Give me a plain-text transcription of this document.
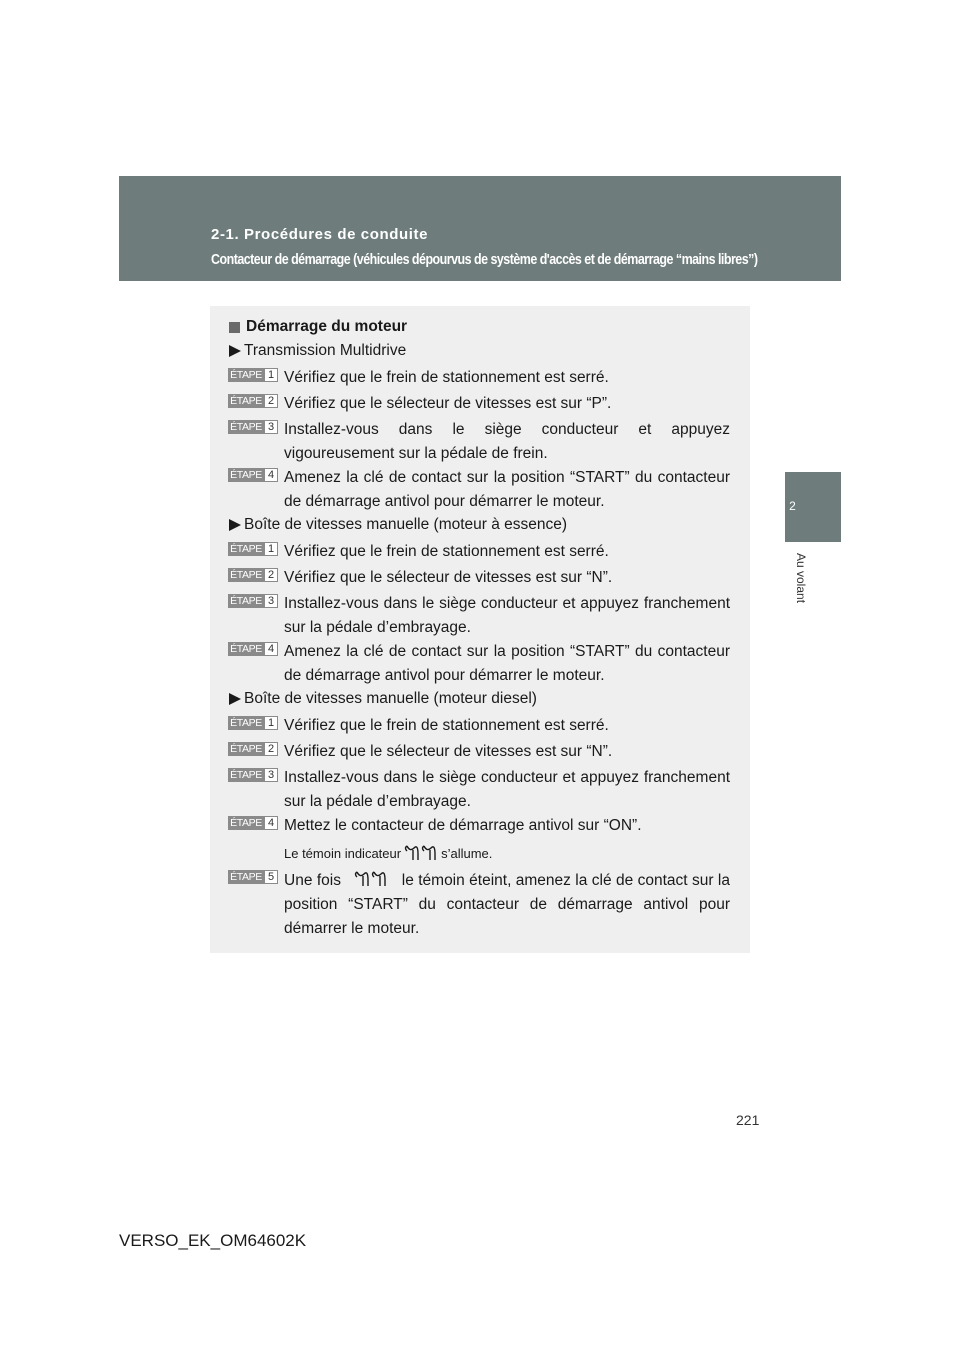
2-1. Procédures de conduite
Contacteur de démarrage (véhicules dépourvus de système d'accès et de démarrage “mains libres”)
2
Au volant
Démarrage du moteur
Transmission Multidrive
ÉTAPE 1 Vérifiez que le frein de stationnement est serré.
ÉTAPE 2 Vérifiez que le sélecteur de vitesses est sur “P”.
ÉTAPE 3 Installez-vous dans le siège conducteur et appuyez vigoureusement sur la pédale de frein.
ÉTAPE 4 Amenez la clé de contact sur la position “START” du contacteur de démarrage antivol pour démarrer le moteur.
Boîte de vitesses manuelle (moteur à essence)
ÉTAPE 1 Vérifiez que le frein de stationnement est serré.
ÉTAPE 2 Vérifiez que le sélecteur de vitesses est sur “N”.
ÉTAPE 3 Installez-vous dans le siège conducteur et appuyez franchement sur la pédale d’embrayage.
ÉTAPE 4 Amenez la clé de contact sur la position “START” du contacteur de démarrage antivol pour démarrer le moteur.
Boîte de vitesses manuelle (moteur diesel)
ÉTAPE 1 Vérifiez que le frein de stationnement est serré.
ÉTAPE 2 Vérifiez que le sélecteur de vitesses est sur “N”.
ÉTAPE 3 Installez-vous dans le siège conducteur et appuyez franchement sur la pédale d’embrayage.
ÉTAPE 4 Mettez le contacteur de démarrage antivol sur “ON”.
Le témoin indicateur	s’allume.
ÉTAPE 5 Une fois	le témoin éteint, amenez la clé de contact sur la position “START” du contacteur de démarrage antivol pour démarrer le moteur.
221
VERSO_EK_OM64602K
